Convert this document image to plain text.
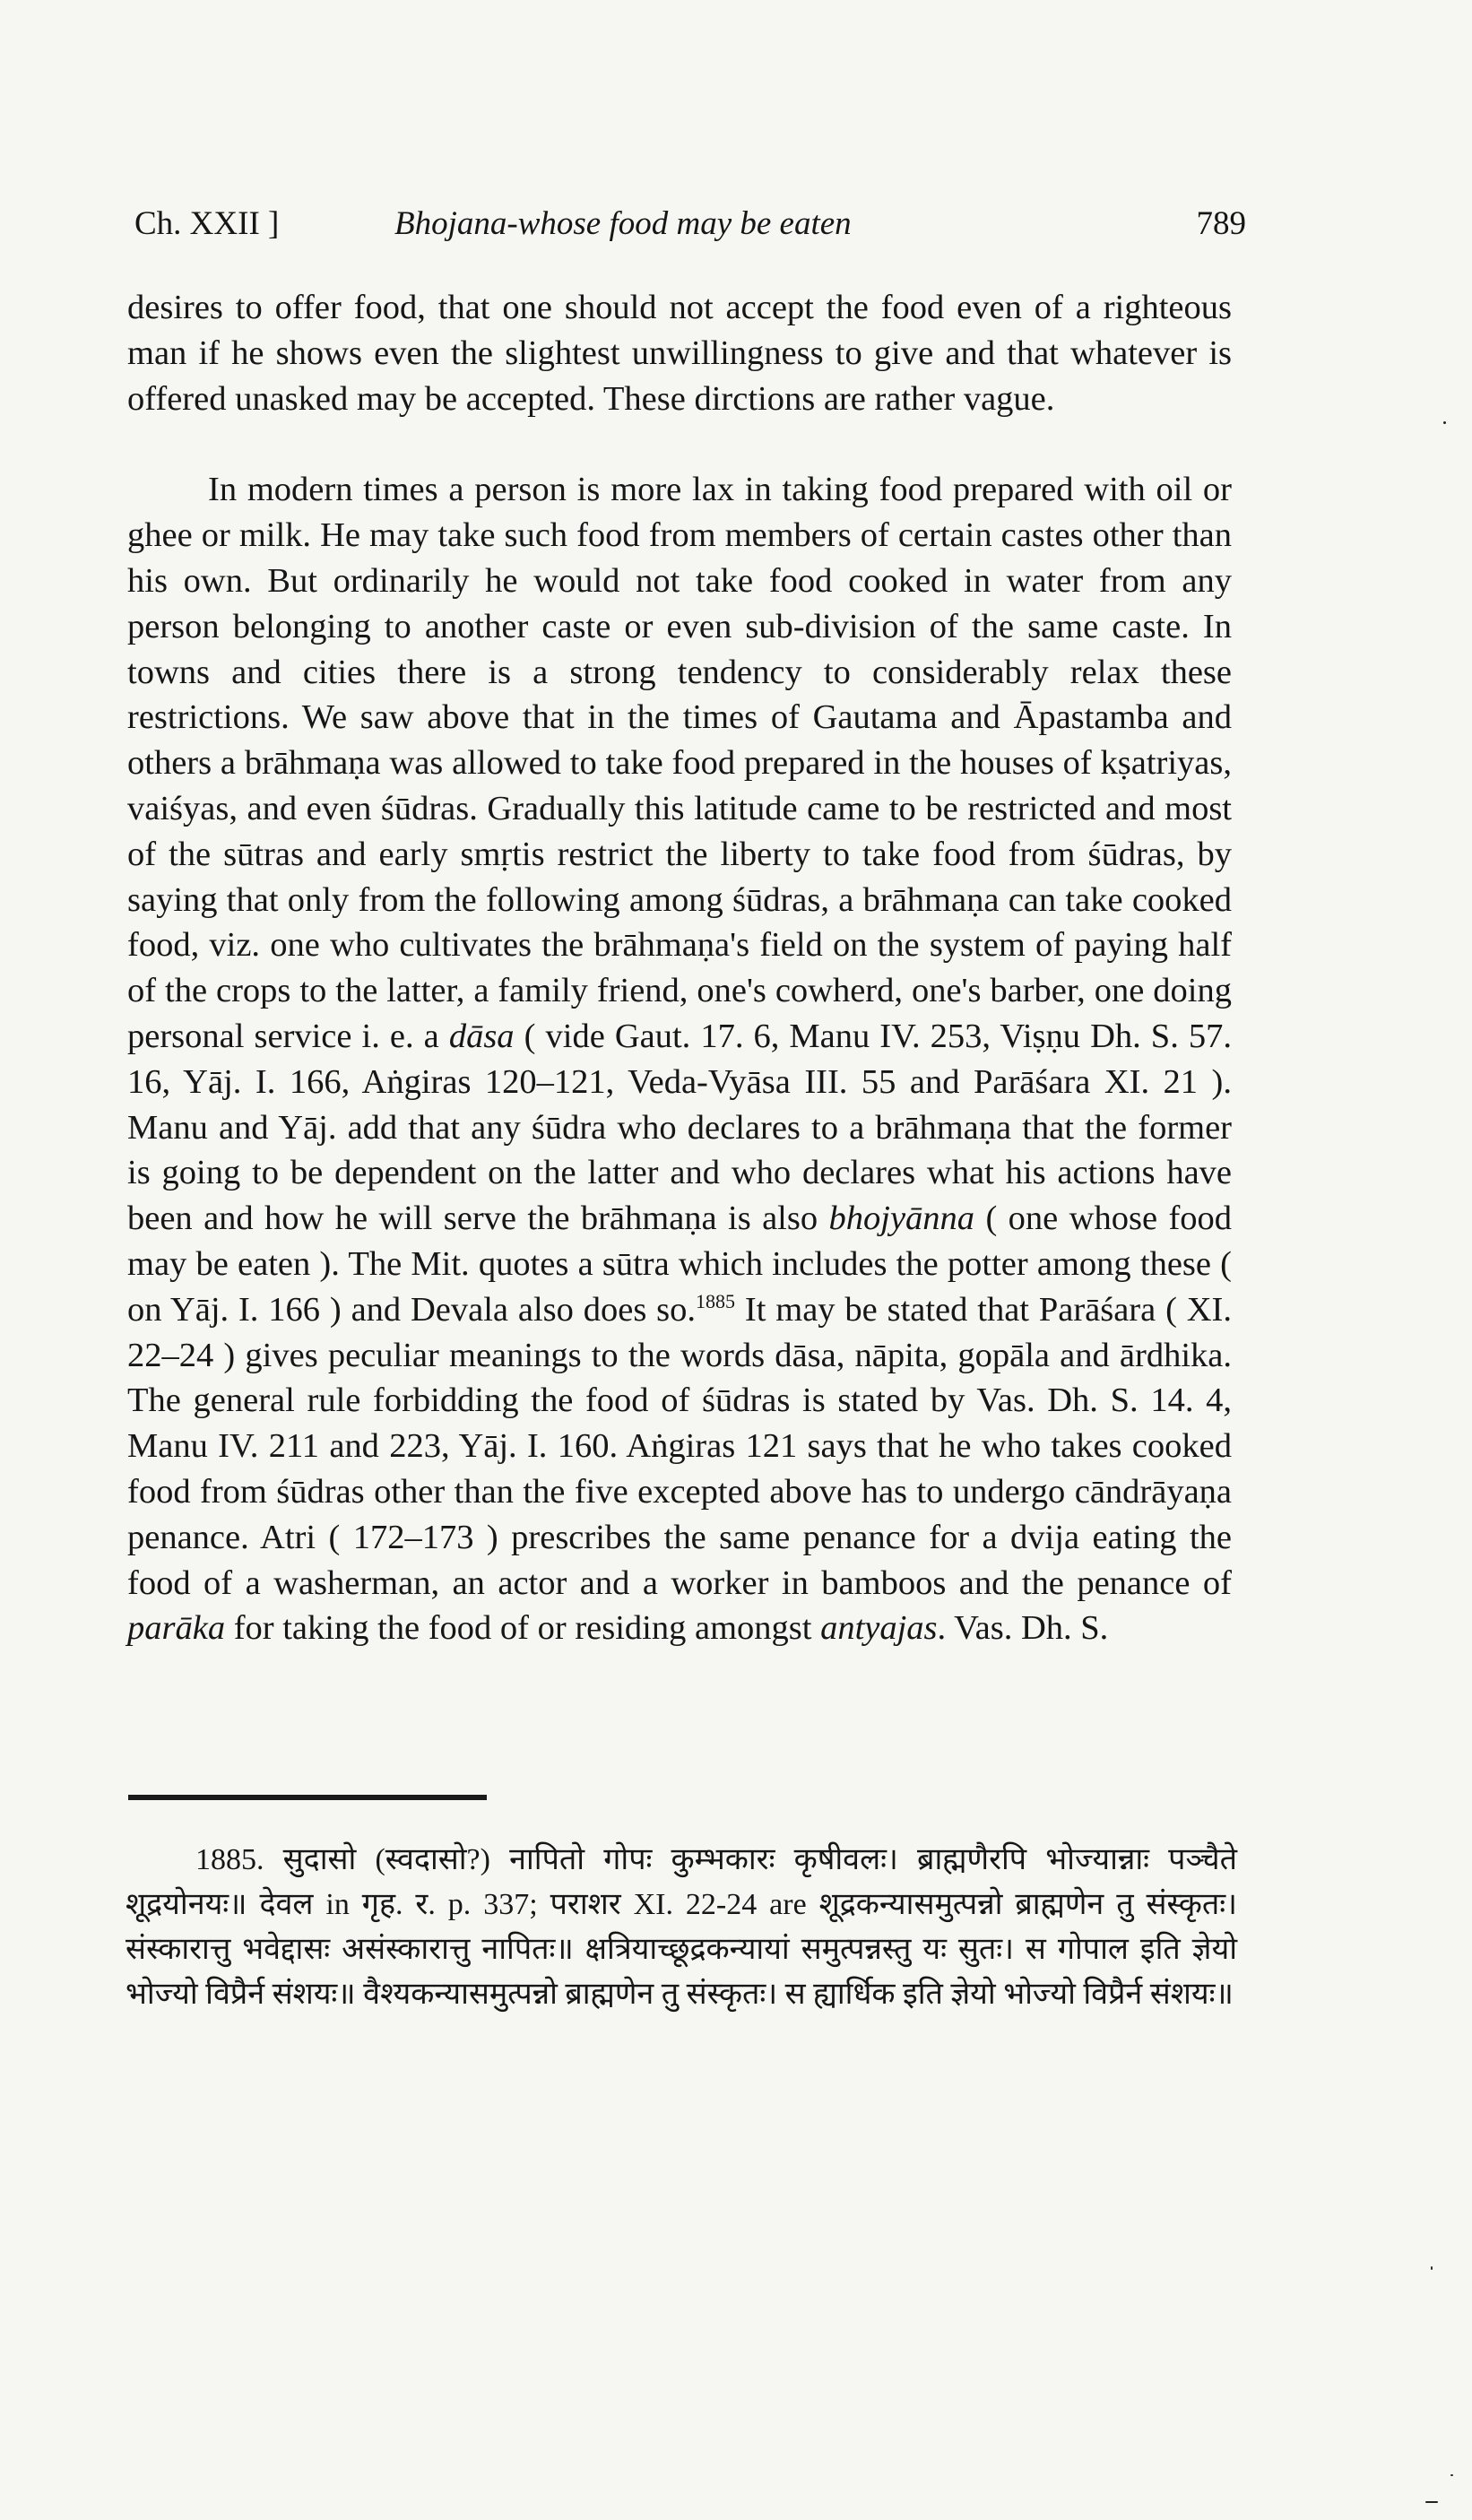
Ch. XXII ]	Bhojana-whose food may be eaten	789

desires to offer food, that one should not accept the food even of a righteous man if he shows even the slightest unwillingness to give and that whatever is offered unasked may be accepted. These dirctions are rather vague.

In modern times a person is more lax in taking food prepared with oil or ghee or milk. He may take such food from members of certain castes other than his own. But ordinarily he would not take food cooked in water from any person belonging to another caste or even sub-division of the same caste. In towns and cities there is a strong tendency to considerably relax these restrictions. We saw above that in the times of Gautama and Āpastamba and others a brāhmaṇa was allowed to take food prepared in the houses of kṣatriyas, vaiśyas, and even śūdras. Gradually this latitude came to be restricted and most of the sūtras and early smṛtis restrict the liberty to take food from śūdras, by saying that only from the following among śūdras, a brāhmaṇa can take cooked food, viz. one who cultivates the brāhmaṇa's field on the system of paying half of the crops to the latter, a family friend, one's cowherd, one's barber, one doing personal service i. e. a dāsa ( vide Gaut. 17. 6, Manu IV. 253, Viṣṇu Dh. S. 57. 16, Yāj. I. 166, Aṅgiras 120–121, Veda-Vyāsa III. 55 and Parāśara XI. 21 ). Manu and Yāj. add that any śūdra who declares to a brāhmaṇa that the former is going to be dependent on the latter and who declares what his actions have been and how he will serve the brāhmaṇa is also bhojyānna ( one whose food may be eaten ). The Mit. quotes a sūtra which includes the potter among these ( on Yāj. I. 166 ) and Devala also does so.$^{1885}$ It may be stated that Parāśara ( XI. 22–24 ) gives peculiar meanings to the words dāsa, nāpita, gopāla and ārdhika. The general rule forbidding the food of śūdras is stated by Vas. Dh. S. 14. 4, Manu IV. 211 and 223, Yāj. I. 160. Aṅgiras 121 says that he who takes cooked food from śūdras other than the five excepted above has to undergo cāndrāyaṇa penance. Atri ( 172–173 ) prescribes the same penance for a dvija eating the food of a washerman, an actor and a worker in bamboos and the penance of parāka for taking the food of or residing amongst antyajas. Vas. Dh. S.

1885. सुदासो (स्वदासो?) नापितो गोपः कुम्भकारः कृषीवलः। ब्राह्मणैरपि भोज्यान्नाः पञ्चैते शूद्रयोनयः॥ देवल in गृह. र. p. 337; पराशर XI. 22-24 are शूद्रकन्यासमुत्पन्नो ब्राह्मणेन तु संस्कृतः। संस्कारात्तु भवेद्दासः असंस्कारात्तु नापितः॥ क्षत्रियाच्छूद्रकन्यायां समुत्पन्नस्तु यः सुतः। स गोपाल इति ज्ञेयो भोज्यो विप्रैर्न संशयः॥ वैश्यकन्यासमुत्पन्नो ब्राह्मणेन तु संस्कृतः। स ह्यार्धिक इति ज्ञेयो भोज्यो विप्रैर्न संशयः॥
